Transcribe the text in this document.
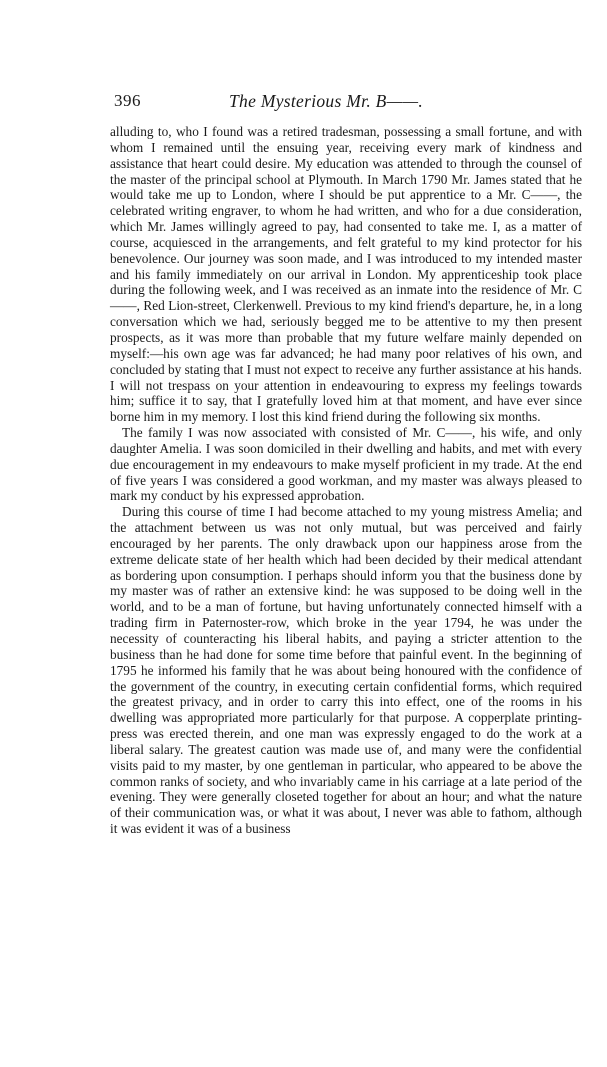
396	The Mysterious Mr. B——.

alluding to, who I found was a retired tradesman, possessing a small fortune, and with whom I remained until the ensuing year, receiving every mark of kindness and assistance that heart could desire. My education was attended to through the counsel of the master of the principal school at Plymouth. In March 1790 Mr. James stated that he would take me up to London, where I should be put apprentice to a Mr. C——, the celebrated writing engraver, to whom he had written, and who for a due consideration, which Mr. James willingly agreed to pay, had consented to take me. I, as a matter of course, acquiesced in the arrangements, and felt grateful to my kind protector for his benevolence. Our journey was soon made, and I was introduced to my intended master and his family immediately on our arrival in London. My apprenticeship took place during the following week, and I was received as an inmate into the residence of Mr. C——, Red Lion-street, Clerkenwell. Previous to my kind friend's departure, he, in a long conversation which we had, seriously begged me to be attentive to my then present prospects, as it was more than probable that my future welfare mainly depended on myself:—his own age was far advanced; he had many poor relatives of his own, and concluded by stating that I must not expect to receive any further assistance at his hands. I will not trespass on your attention in endeavouring to express my feelings towards him; suffice it to say, that I gratefully loved him at that moment, and have ever since borne him in my memory. I lost this kind friend during the following six months.

The family I was now associated with consisted of Mr. C——, his wife, and only daughter Amelia. I was soon domiciled in their dwelling and habits, and met with every due encouragement in my endeavours to make myself proficient in my trade. At the end of five years I was considered a good workman, and my master was always pleased to mark my conduct by his expressed approbation.

During this course of time I had become attached to my young mistress Amelia; and the attachment between us was not only mutual, but was perceived and fairly encouraged by her parents. The only drawback upon our happiness arose from the extreme delicate state of her health which had been decided by their medical attendant as bordering upon consumption. I perhaps should inform you that the business done by my master was of rather an extensive kind: he was supposed to be doing well in the world, and to be a man of fortune, but having unfortunately connected himself with a trading firm in Paternoster-row, which broke in the year 1794, he was under the necessity of counteracting his liberal habits, and paying a stricter attention to the business than he had done for some time before that painful event. In the beginning of 1795 he informed his family that he was about being honoured with the confidence of the government of the country, in executing certain confidential forms, which required the greatest privacy, and in order to carry this into effect, one of the rooms in his dwelling was appropriated more particularly for that purpose. A copperplate printing-press was erected therein, and one man was expressly engaged to do the work at a liberal salary. The greatest caution was made use of, and many were the confidential visits paid to my master, by one gentleman in particular, who appeared to be above the common ranks of society, and who invariably came in his carriage at a late period of the evening. They were generally closeted together for about an hour; and what the nature of their communication was, or what it was about, I never was able to fathom, although it was evident it was of a business
